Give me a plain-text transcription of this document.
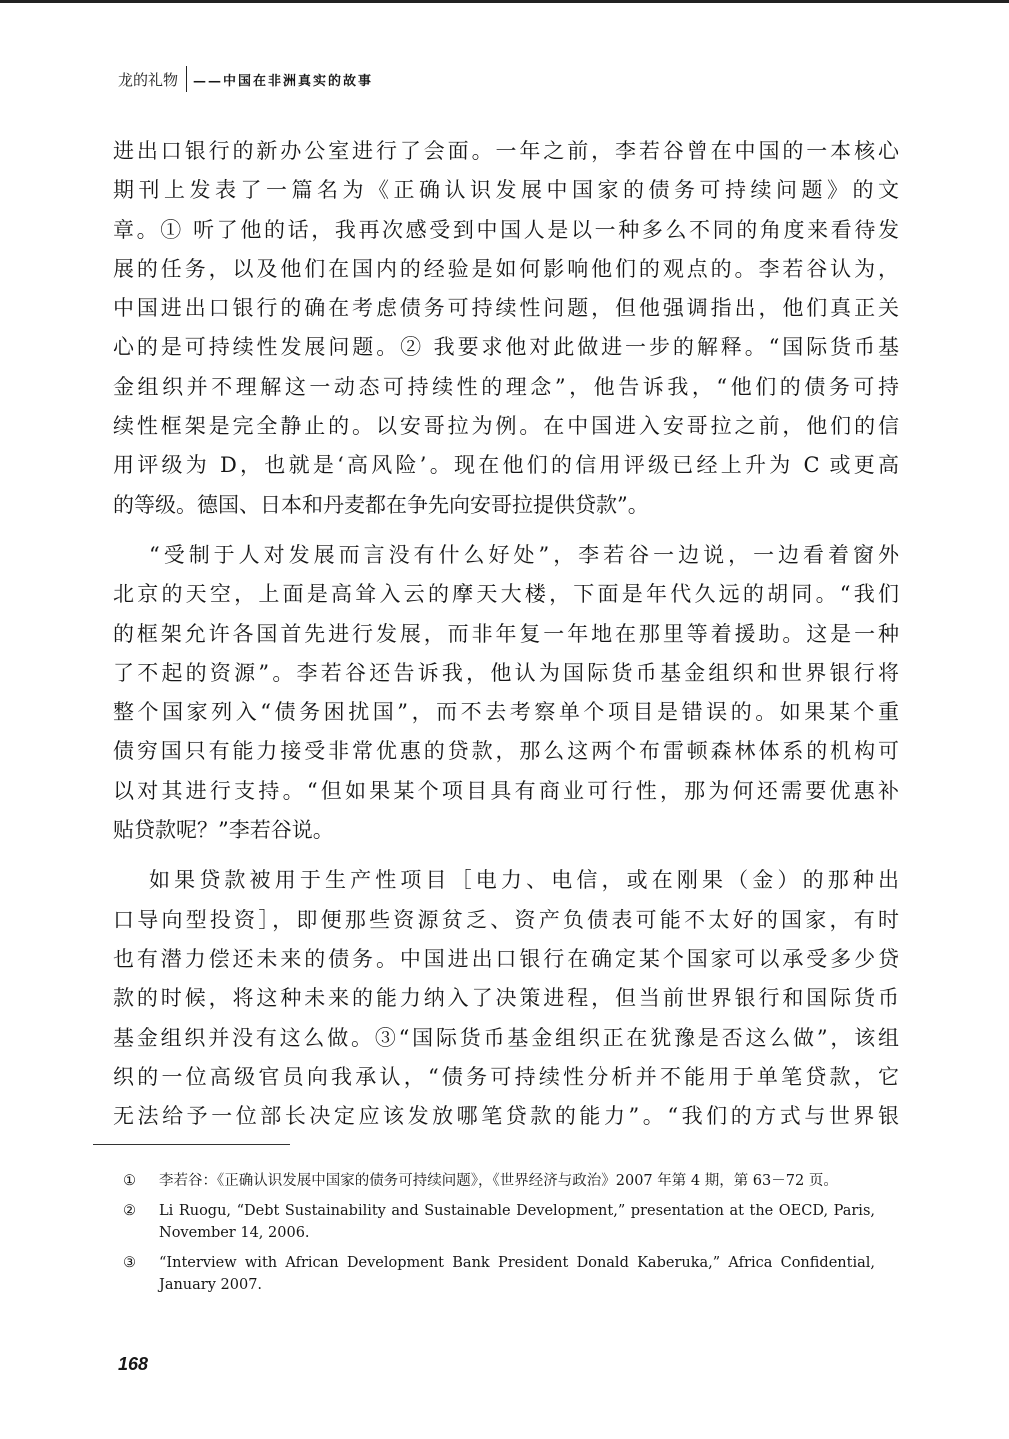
龙的礼物 ——中国在非洲真实的故事
进出口银行的新办公室进行了会面。一年之前，李若谷曾在中国的一本核心
期刊上发表了一篇名为《正确认识发展中国家的债务可持续问题》的文
章。① 听了他的话，我再次感受到中国人是以一种多么不同的角度来看待发
展的任务，以及他们在国内的经验是如何影响他们的观点的。李若谷认为，
中国进出口银行的确在考虑债务可持续性问题，但他强调指出，他们真正关
心的是可持续性发展问题。② 我要求他对此做进一步的解释。“国际货币基
金组织并不理解这一动态可持续性的理念”，他告诉我，“他们的债务可持
续性框架是完全静止的。以安哥拉为例。在中国进入安哥拉之前，他们的信
用评级为 D，也就是‘高风险’。现在他们的信用评级已经上升为 C 或更高
的等级。德国、日本和丹麦都在争先向安哥拉提供贷款”。
“受制于人对发展而言没有什么好处”，李若谷一边说，一边看着窗外
北京的天空，上面是高耸入云的摩天大楼，下面是年代久远的胡同。“我们
的框架允许各国首先进行发展，而非年复一年地在那里等着援助。这是一种
了不起的资源”。李若谷还告诉我，他认为国际货币基金组织和世界银行将
整个国家列入“债务困扰国”，而不去考察单个项目是错误的。如果某个重
债穷国只有能力接受非常优惠的贷款，那么这两个布雷顿森林体系的机构可
以对其进行支持。“但如果某个项目具有商业可行性，那为何还需要优惠补
贴贷款呢？”李若谷说。
如果贷款被用于生产性项目［电力、电信，或在刚果（金）的那种出
口导向型投资］，即便那些资源贫乏、资产负债表可能不太好的国家，有时
也有潜力偿还未来的债务。中国进出口银行在确定某个国家可以承受多少贷
款的时候，将这种未来的能力纳入了决策进程，但当前世界银行和国际货币
基金组织并没有这么做。③“国际货币基金组织正在犹豫是否这么做”，该组
织的一位高级官员向我承认，“债务可持续性分析并不能用于单笔贷款，它
无法给予一位部长决定应该发放哪笔贷款的能力”。“我们的方式与世界银
①	李若谷：《正确认识发展中国家的债务可持续问题》，《世界经济与政治》2007 年第 4 期，第 63－72 页。
②	Li Ruogu, “Debt Sustainability and Sustainable Development,” presentation at the OECD, Paris, November 14, 2006.
③	“Interview with African Development Bank President Donald Kaberuka,” Africa Confidential, January 2007.
168
